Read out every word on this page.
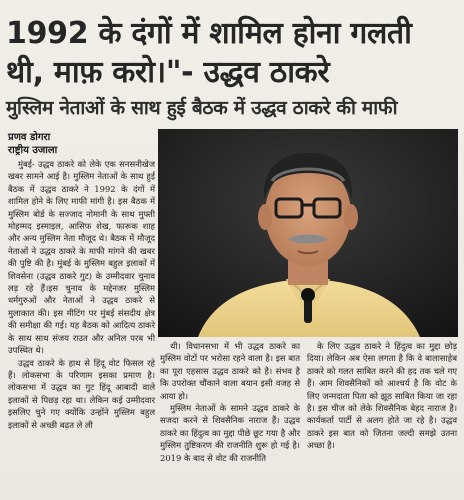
1992 के दंगों में शामिल होना गलती
थी, माफ़ करो।"- उद्धव ठाकरे
मुस्लिम नेताओं के साथ हुई बैठक में उद्धव ठाकरे की माफी
प्रणव डोगरा
राष्ट्रीय उजाला

मुंबई- उद्धव ठाकरे को लेके एक सनसनीखेज खबर सामने आई है। मुस्लिम नेताओं के साथ हुई बैठक में उद्धव ठाकरे ने 1992 के दंगों में शामिल होने के लिए माफी मांगी है। इस बैठक में मुस्लिम बोर्ड के सज्जाद नोमानी के साथ मुफ्ती मोहम्मद इस्माइल, आसिफ शेख, फारूक शाह और अन्य मुस्लिम नेता मौजूद थे। बैठक में मौजूद नेताओं ने उद्धव ठाकरे के माफी मांगने की खबर की पुष्टि की है। मुंबई के मुस्लिम बहुल इलाकों में शिवसेना (उद्धव ठाकरे गुट) के उम्मीदवार चुनाव लड़ रहे हैं।इस चुनाव के मद्देनजर मुस्लिम धर्मगुरुओं और नेताओं ने उद्धव ठाकरे से मुलाकात की। इस मीटिंग पर मुंबई संसदीय क्षेत्र की समीक्षा की गई। यह बैठक को आदित्य ठाकरे के साथ साथ संजय राउत और अनिल परब भी उपस्थित थे।

उद्धव ठाकरे के हाथ से हिंदू वोट फिसल रहे हैं। लोकसभा के परिणाम इसका प्रमाण है। लोकसभा में उद्धव का गुट हिंदू आबादी वाले इलाकों से पिछड़ रहा था। लेकिन कई उम्मीदवार इसलिए चुने गए क्योंकि उन्होंने मुस्लिम बहुल इलाकों से अच्छी बढ़त ले ली

थी। विधानसभा में भी उद्धव ठाकरे का मुस्लिम वोटों पर भरोसा रहने वाला है। इस बात का पूरा एहसास उद्धव ठाकरे को है। संभव है कि उपरोक्त चौंकाने वाला बयान इसी वजह से आया हो।

मुस्लिम नेताओं के सामने उद्धव ठाकरे के सजदा करने से शिवसैनिक नाराज हैं। उद्धव ठाकरे का हिंदुत्व का मुद्दा पीछे छूट गया है और मुस्लिम तुष्टिकरण की राजनीति शुरू हो गई है। 2019 के बाद से वोट की राजनीति

के लिए उद्धव ठाकरे ने हिंदुत्व का मुद्दा छोड़ दिया। लेकिन अब ऐसा लगता है कि वे बालासाहेब ठाकरे को गलत साबित करने की हद तक चले गए हैं। आम शिवसैनिकों को आश्चर्य है कि वोट के लिए जन्मदाता पिता को झूठ साबित किया जा रहा है। इस चीज को लेके शिवसैनिक बेहद नाराज है। कार्यकर्ता पार्टी से अलग होते जा रहे है। उद्धव ठाकरे इस बात को जितना जल्दी समझे उतना अच्छा है।
